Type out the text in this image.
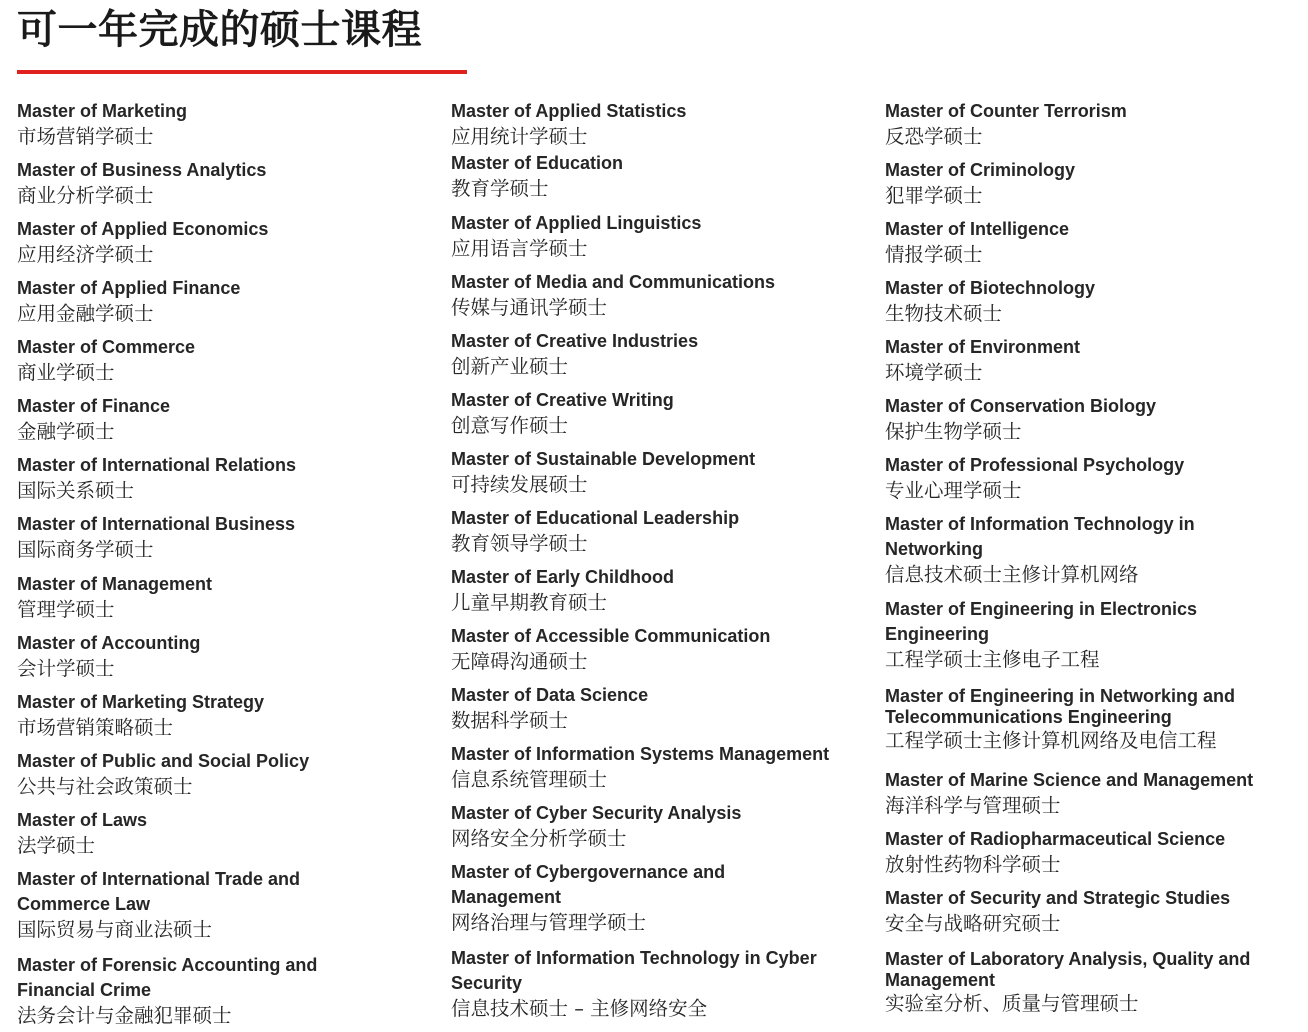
可一年完成的硕士课程
Master of Marketing
市场营销学硕士
Master of Business Analytics
商业分析学硕士
Master of Applied Economics
应用经济学硕士
Master of Applied Finance
应用金融学硕士
Master of Commerce
商业学硕士
Master of Finance
金融学硕士
Master of International Relations
国际关系硕士
Master of International Business
国际商务学硕士
Master of Management
管理学硕士
Master of Accounting
会计学硕士
Master of Marketing Strategy
市场营销策略硕士
Master of Public and Social Policy
公共与社会政策硕士
Master of Laws
法学硕士
Master of International Trade and Commerce Law
国际贸易与商业法硕士
Master of Forensic Accounting and Financial Crime
法务会计与金融犯罪硕士
Master of Applied Statistics
应用统计学硕士
Master of Education
教育学硕士
Master of Applied Linguistics
应用语言学硕士
Master of Media and Communications
传媒与通讯学硕士
Master of Creative Industries
创新产业硕士
Master of Creative Writing
创意写作硕士
Master of Sustainable Development
可持续发展硕士
Master of Educational Leadership
教育领导学硕士
Master of Early Childhood
儿童早期教育硕士
Master of Accessible Communication
无障碍沟通硕士
Master of Data Science
数据科学硕士
Master of Information Systems Management
信息系统管理硕士
Master of Cyber Security Analysis
网络安全分析学硕士
Master of Cybergovernance and Management
网络治理与管理学硕士
Master of Information Technology in Cyber Security
信息技术硕士 – 主修网络安全
Master of Counter Terrorism
反恐学硕士
Master of Criminology
犯罪学硕士
Master of Intelligence
情报学硕士
Master of Biotechnology
生物技术硕士
Master of Environment
环境学硕士
Master of Conservation Biology
保护生物学硕士
Master of Professional Psychology
专业心理学硕士
Master of Information Technology in Networking
信息技术硕士主修计算机网络
Master of Engineering in Electronics Engineering
工程学硕士主修电子工程
Master of Engineering in Networking and Telecommunications Engineering
工程学硕士主修计算机网络及电信工程
Master of Marine Science and Management
海洋科学与管理硕士
Master of Radiopharmaceutical Science
放射性药物科学硕士
Master of Security and Strategic Studies
安全与战略研究硕士
Master of Laboratory Analysis, Quality and Management
实验室分析、质量与管理硕士
